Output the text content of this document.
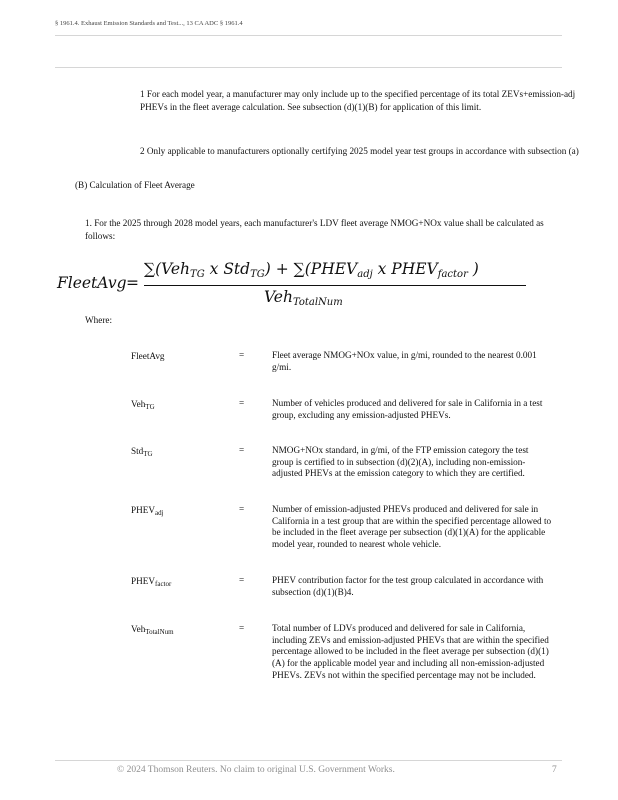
§ 1961.4. Exhaust Emission Standards and Test..., 13 CA ADC § 1961.4
1 For each model year, a manufacturer may only include up to the specified percentage of its total ZEVs+emission-adj
PHEVs in the fleet average calculation. See subsection (d)(1)(B) for application of this limit.
2 Only applicable to manufacturers optionally certifying 2025 model year test groups in accordance with subsection (a)
(B) Calculation of Fleet Average
1. For the 2025 through 2028 model years, each manufacturer's LDV fleet average NMOG+NOx value shall be calculated as follows:
FleetAvg =
∑(Veh$_{TG}$ x $Std_{TG}) + \sum(PHEV_{adj}$ x $PHEV_{factor}$ )
Veh$_{TotalNum}$
Where:
FleetAvg	=	Fleet average NMOG+NOx value, in g/mi, rounded to the nearest 0.001 g/mi.
Veh$_{TG}$	=	Number of vehicles produced and delivered for sale in California in a test group, excluding any emission-adjusted PHEVs.
Std$_{TG}$	=	NMOG+NOx standard, in g/mi, of the FTP emission category the test group is certified to in subsection (d)(2)(A), including non-emission-adjusted PHEVs at the emission category to which they are certified.
$PHEV_{adj}$	=	Number of emission-adjusted PHEVs produced and delivered for sale in California in a test group that are within the specified percentage allowed to be included in the fleet average per subsection (d)(1)(A) for the applicable model year, rounded to nearest whole vehicle.
$PHEV_{factor}$	=	PHEV contribution factor for the test group calculated in accordance with subsection (d)(1)(B)4.
Veh$_{TotalNum}$	=	Total number of LDVs produced and delivered for sale in California, including ZEVs and emission-adjusted PHEVs that are within the specified percentage allowed to be included in the fleet average per subsection (d)(1)(A) for the applicable model year and including all non-emission-adjusted PHEVs. ZEVs not within the specified percentage may not be included.
© 2024 Thomson Reuters. No claim to original U.S. Government Works.	7
